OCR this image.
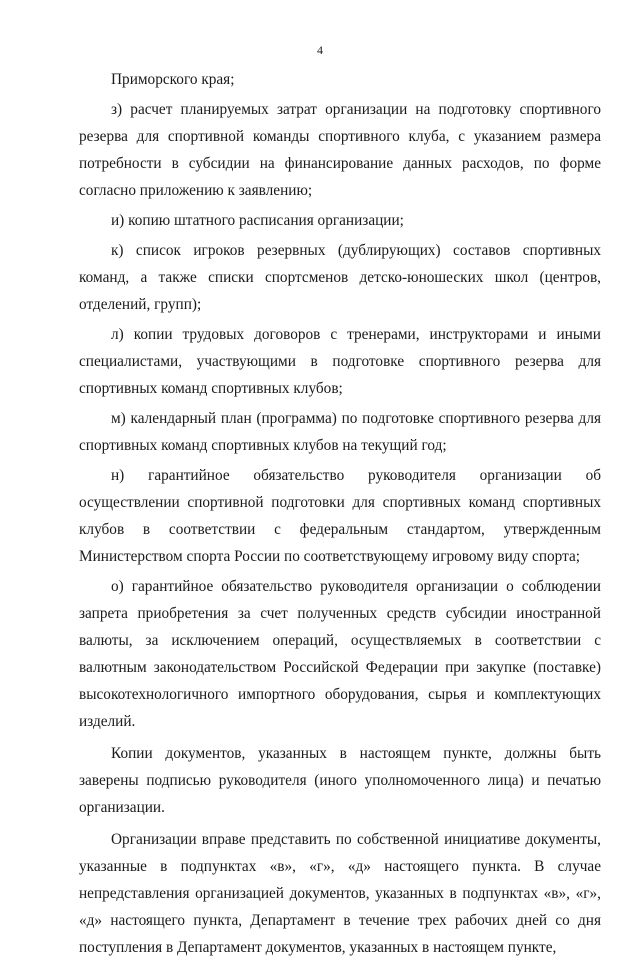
4

Приморского края;

з) расчет планируемых затрат организации на подготовку спортивного резерва для спортивной команды спортивного клуба, с указанием размера потребности в субсидии на финансирование данных расходов, по форме согласно приложению к заявлению;

и) копию штатного расписания организации;

к) список игроков резервных (дублирующих) составов спортивных команд, а также списки спортсменов детско-юношеских школ (центров, отделений, групп);

л) копии трудовых договоров с тренерами, инструкторами и иными специалистами, участвующими в подготовке спортивного резерва для спортивных команд спортивных клубов;

м) календарный план (программа) по подготовке спортивного резерва для спортивных команд спортивных клубов на текущий год;

н) гарантийное обязательство руководителя организации об осуществлении спортивной подготовки для спортивных команд спортивных клубов в соответствии с федеральным стандартом, утвержденным Министерством спорта России по соответствующему игровому виду спорта;

о) гарантийное обязательство руководителя организации о соблюдении запрета приобретения за счет полученных средств субсидии иностранной валюты, за исключением операций, осуществляемых в соответствии с валютным законодательством Российской Федерации при закупке (поставке) высокотехнологичного импортного оборудования, сырья и комплектующих изделий.

Копии документов, указанных в настоящем пункте, должны быть заверены подписью руководителя (иного уполномоченного лица) и печатью организации.

Организации вправе представить по собственной инициативе документы, указанные в подпунктах «в», «г», «д» настоящего пункта. В случае непредставления организацией документов, указанных в подпунктах «в», «г», «д» настоящего пункта, Департамент в течение трех рабочих дней со дня поступления в Департамент документов, указанных в настоящем пункте,
